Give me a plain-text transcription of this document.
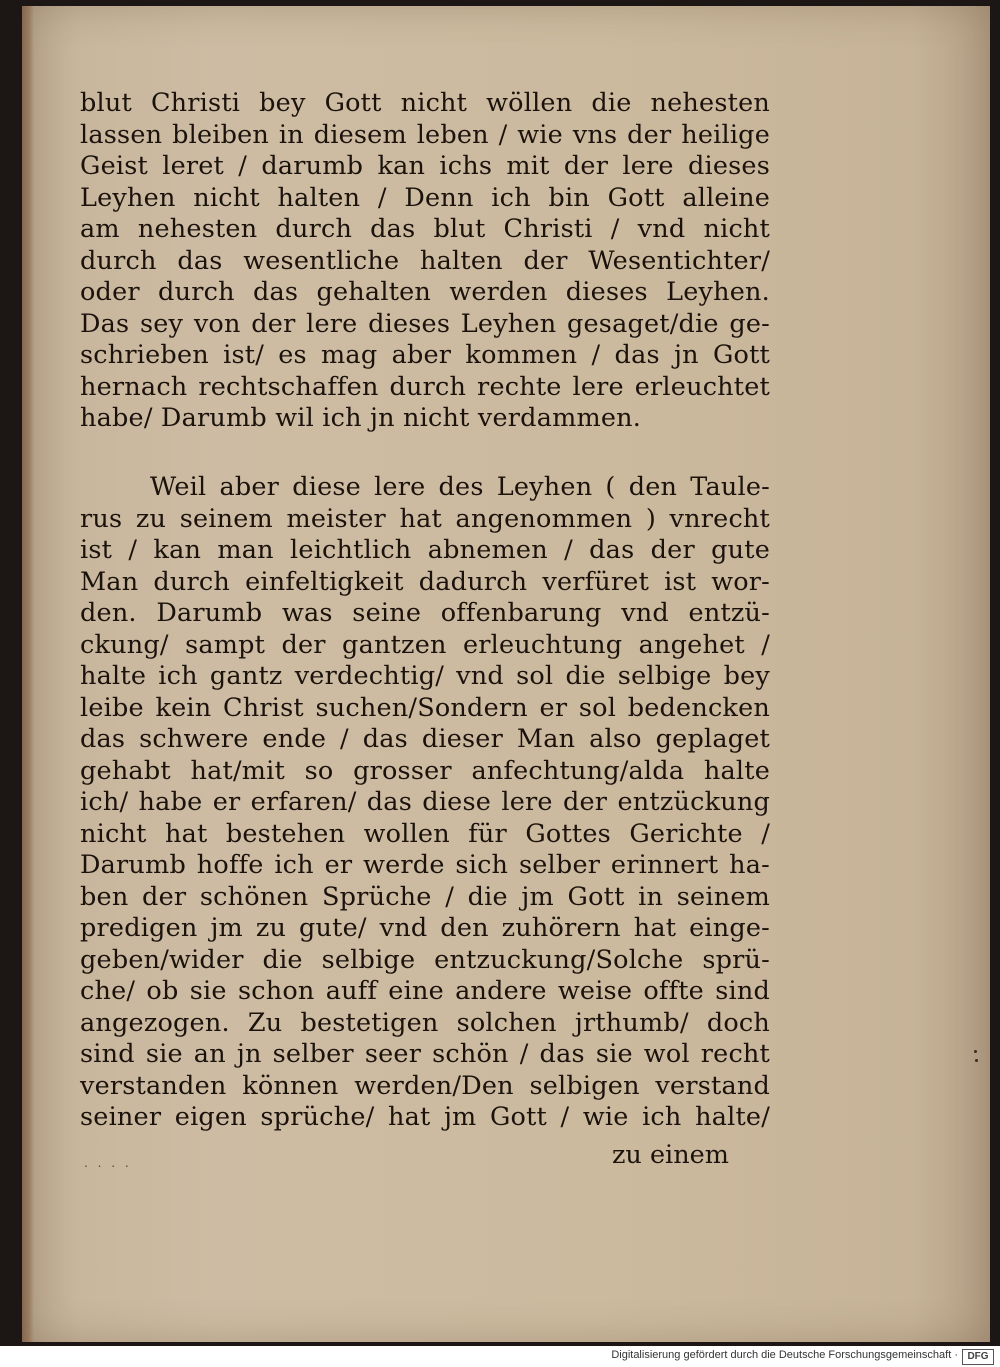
blut Christi bey Gott nicht wöllen die nehesten
lassen bleiben in diesem leben / wie vns der heilige
Geist leret / darumb kan ichs mit der lere dieses
Leyhen nicht halten / Denn ich bin Gott alleine
am nehesten durch das blut Christi / vnd nicht
durch das wesentliche halten der Wesentichter/
oder durch das gehalten werden dieses Leyhen.
Das sey von der lere dieses Leyhen gesaget/die ge-
schrieben ist/ es mag aber kommen / das jn Gott
hernach rechtschaffen durch rechte lere erleuchtet
habe/ Darumb wil ich jn nicht verdammen.
Weil aber diese lere des Leyhen ( den Taule-
rus zu seinem meister hat angenommen ) vnrecht
ist / kan man leichtlich abnemen / das der gute
Man durch einfeltigkeit dadurch verfüret ist wor-
den. Darumb was seine offenbarung vnd entzü-
ckung/ sampt der gantzen erleuchtung angehet /
halte ich gantz verdechtig/ vnd sol die selbige bey
leibe kein Christ suchen/Sondern er sol bedencken
das schwere ende / das dieser Man also geplaget
gehabt hat/mit so grosser anfechtung/alda halte
ich/ habe er erfaren/ das diese lere der entzückung
nicht hat bestehen wollen für Gottes Gerichte /
Darumb hoffe ich er werde sich selber erinnert ha-
ben der schönen Sprüche / die jm Gott in seinem
predigen jm zu gute/ vnd den zuhörern hat einge-
geben/wider die selbige entzuckung/Solche sprü-
che/ ob sie schon auff eine andere weise offte sind
angezogen. Zu bestetigen solchen jrthumb/ doch
sind sie an jn selber seer schön / das sie wol recht
verstanden können werden/Den selbigen verstand
seiner eigen sprüche/ hat jm Gott / wie ich halte/
. . . .	zu einem
Digitalisierung gefördert durch die Deutsche Forschungsgemeinschaft · DFG
